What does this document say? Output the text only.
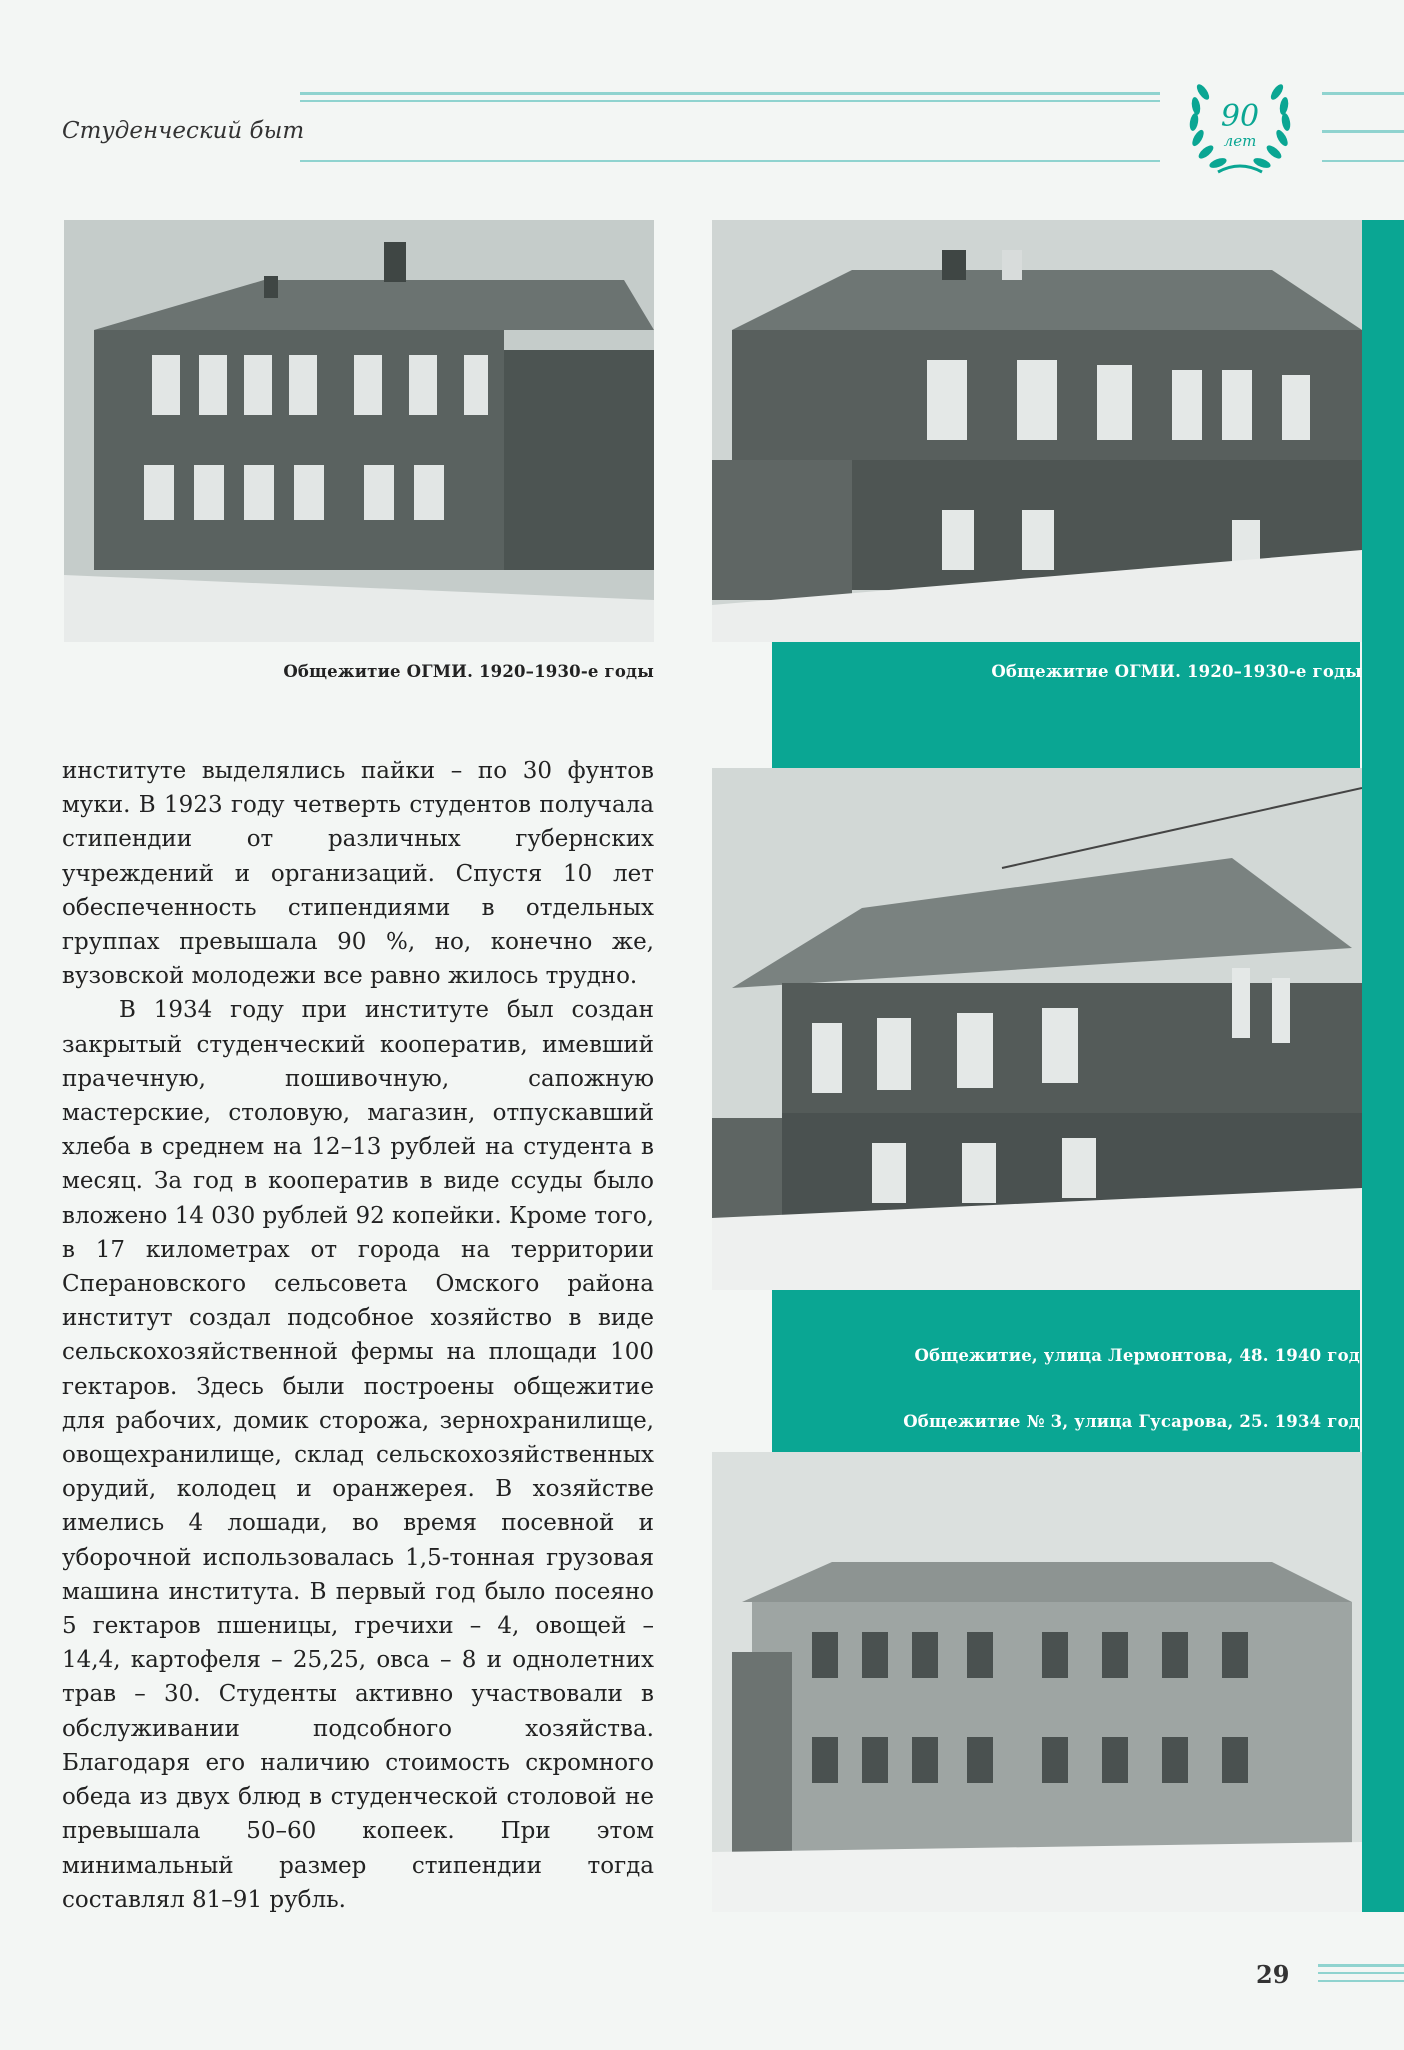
Студенческий быт	90
лет
Общежитие ОГМИ. 1920–1930-е годы	Общежитие ОГМИ. 1920–1930-е годы
Общежитие, улица Лермонтова, 48. 1940 год
Общежитие № 3, улица Гусарова, 25. 1934 год

институте выделялись пайки – по 30 фунтов муки. В 1923 году четверть студентов получала стипендии от различных губернских учреждений и организаций. Спустя 10 лет обеспеченность стипендиями в отдельных группах превышала 90 %, но, конечно же, вузовской молодежи все равно жилось трудно.

В 1934 году при институте был создан закрытый студенческий кооператив, имевший прачечную, пошивочную, сапожную мастерские, столовую, магазин, отпускавший хлеба в среднем на 12–13 рублей на студента в месяц. За год в кооператив в виде ссуды было вложено 14 030 рублей 92 копейки. Кроме того, в 17 километрах от города на территории Сперановского сельсовета Омского района институт создал подсобное хозяйство в виде сельскохозяйственной фермы на площади 100 гектаров. Здесь были построены общежитие для рабочих, домик сторожа, зернохранилище, овощехранилище, склад сельскохозяйственных орудий, колодец и оранжерея. В хозяйстве имелись 4 лошади, во время посевной и уборочной использовалась 1,5-тонная грузовая машина института. В первый год было посеяно 5 гектаров пшеницы, гречихи – 4, овощей – 14,4, картофеля – 25,25, овса – 8 и однолетних трав – 30. Студенты активно участвовали в обслуживании подсобного хозяйства. Благодаря его наличию стоимость скромного обеда из двух блюд в студенческой столовой не превышала 50–60 копеек. При этом минимальный размер стипендии тогда составлял 81–91 рубль.

29
